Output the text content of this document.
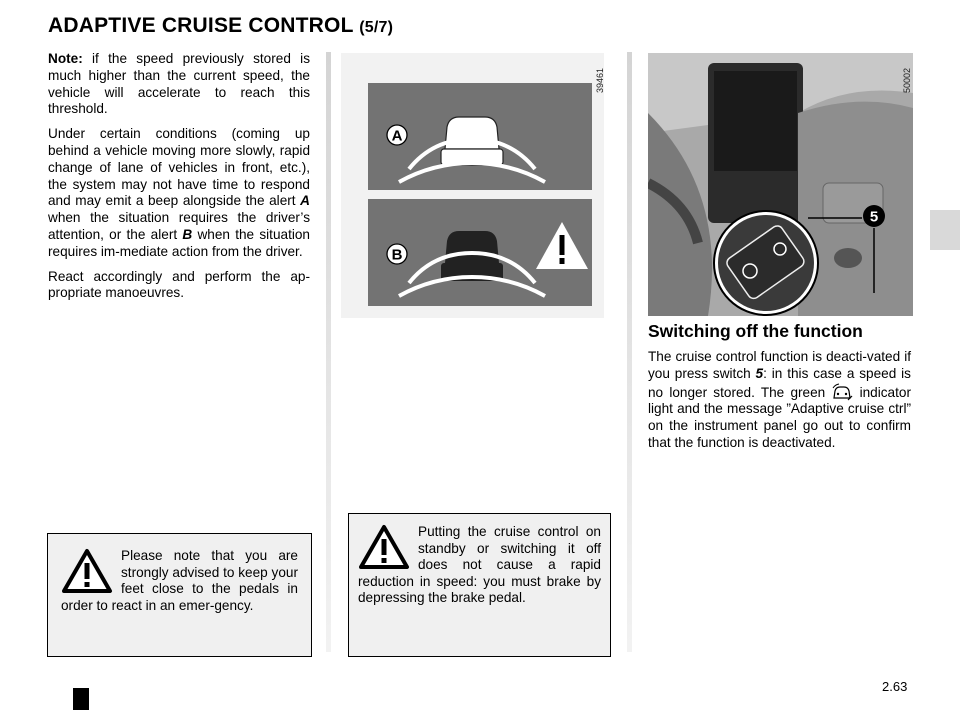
ADAPTIVE CRUISE CONTROL (5/7)

Note: if the speed previously stored is much higher than the current speed, the vehicle will accelerate to reach this threshold.

Under certain conditions (coming up behind a vehicle moving more slowly, rapid change of lane of vehicles in front, etc.), the system may not have time to respond and may emit a beep alongside the alert A when the situation requires the driver’s attention, or the alert B when the situation requires im-mediate action from the driver.

React accordingly and perform the ap-propriate manoeuvres.

Please note that you are strongly advised to keep your feet close to the pedals in order to react in an emer-gency.
A
B
39461
Putting the cruise control on standby or switching it off does not cause a rapid reduction in speed: you must brake by depressing the brake pedal.
5
50002
Switching off the function
The cruise control function is deacti-vated if you press switch 5: in this case a speed is no longer stored. The green  indicator light and the message ”Adaptive cruise ctrl” on the instrument panel go out to confirm that the function is deactivated.
2.63
